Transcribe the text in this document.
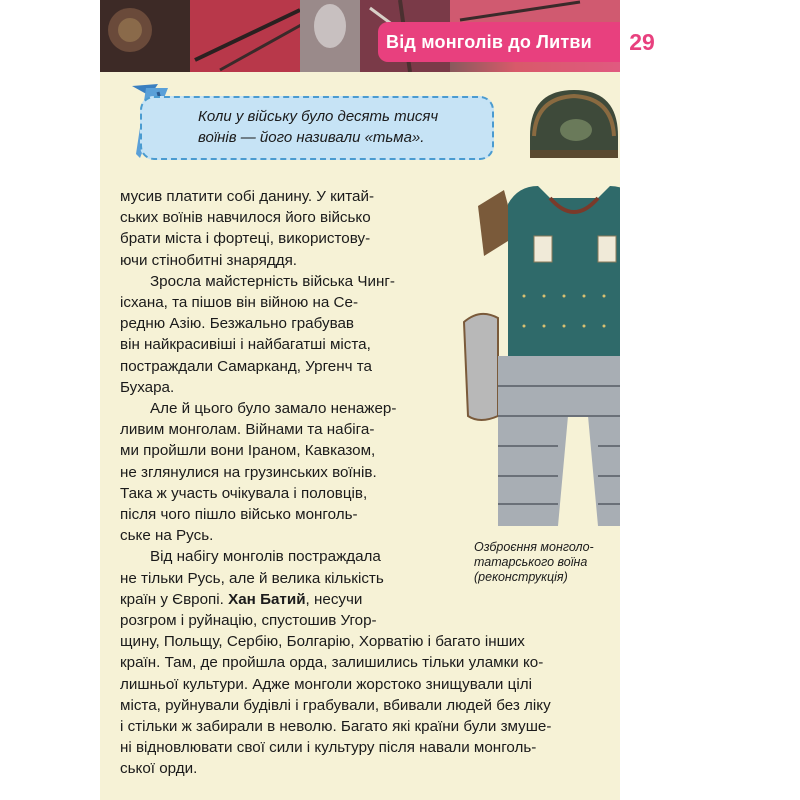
Від монголів до Литви
Коли у війську було десять тисяч
воїнів — його називали «тьма».
Озброєння монголо-
татарського воїна
(реконструкція)
мусив платити собі данину. У китай-
ських воїнів навчилося його військо
брати міста і фортеці, використову-
ючи стінобитні знаряддя.
Зросла майстерність війська Чинг-
ісхана, та пішов він війною на Се-
редню Азію. Безжально грабував
він найкрасивіші і найбагатші міста,
постраждали Самарканд, Ургенч та
Бухара.
Але й цього було замало ненажер-
ливим монголам. Війнами та набіга-
ми пройшли вони Іраном, Кавказом,
не зглянулися на грузинських воїнів.
Така ж участь очікувала і половців,
після чого пішло військо монголь-
ське на Русь.
Від набігу монголів постраждала
не тільки Русь, але й велика кількість
країн у Європі. Хан Батий, несучи
розгром і руйнацію, спустошив Угор-
щину, Польщу, Сербію, Болгарію, Хорватію і багато інших
країн. Там, де пройшла орда, залишились тільки уламки ко-
лишньої культури. Адже монголи жорстоко знищували цілі
міста, руйнували будівлі і грабували, вбивали людей без ліку
і стільки ж забирали в неволю. Багато які країни були змуше-
ні відновлювати свої сили і культуру після навали монголь-
ської орди.
29
